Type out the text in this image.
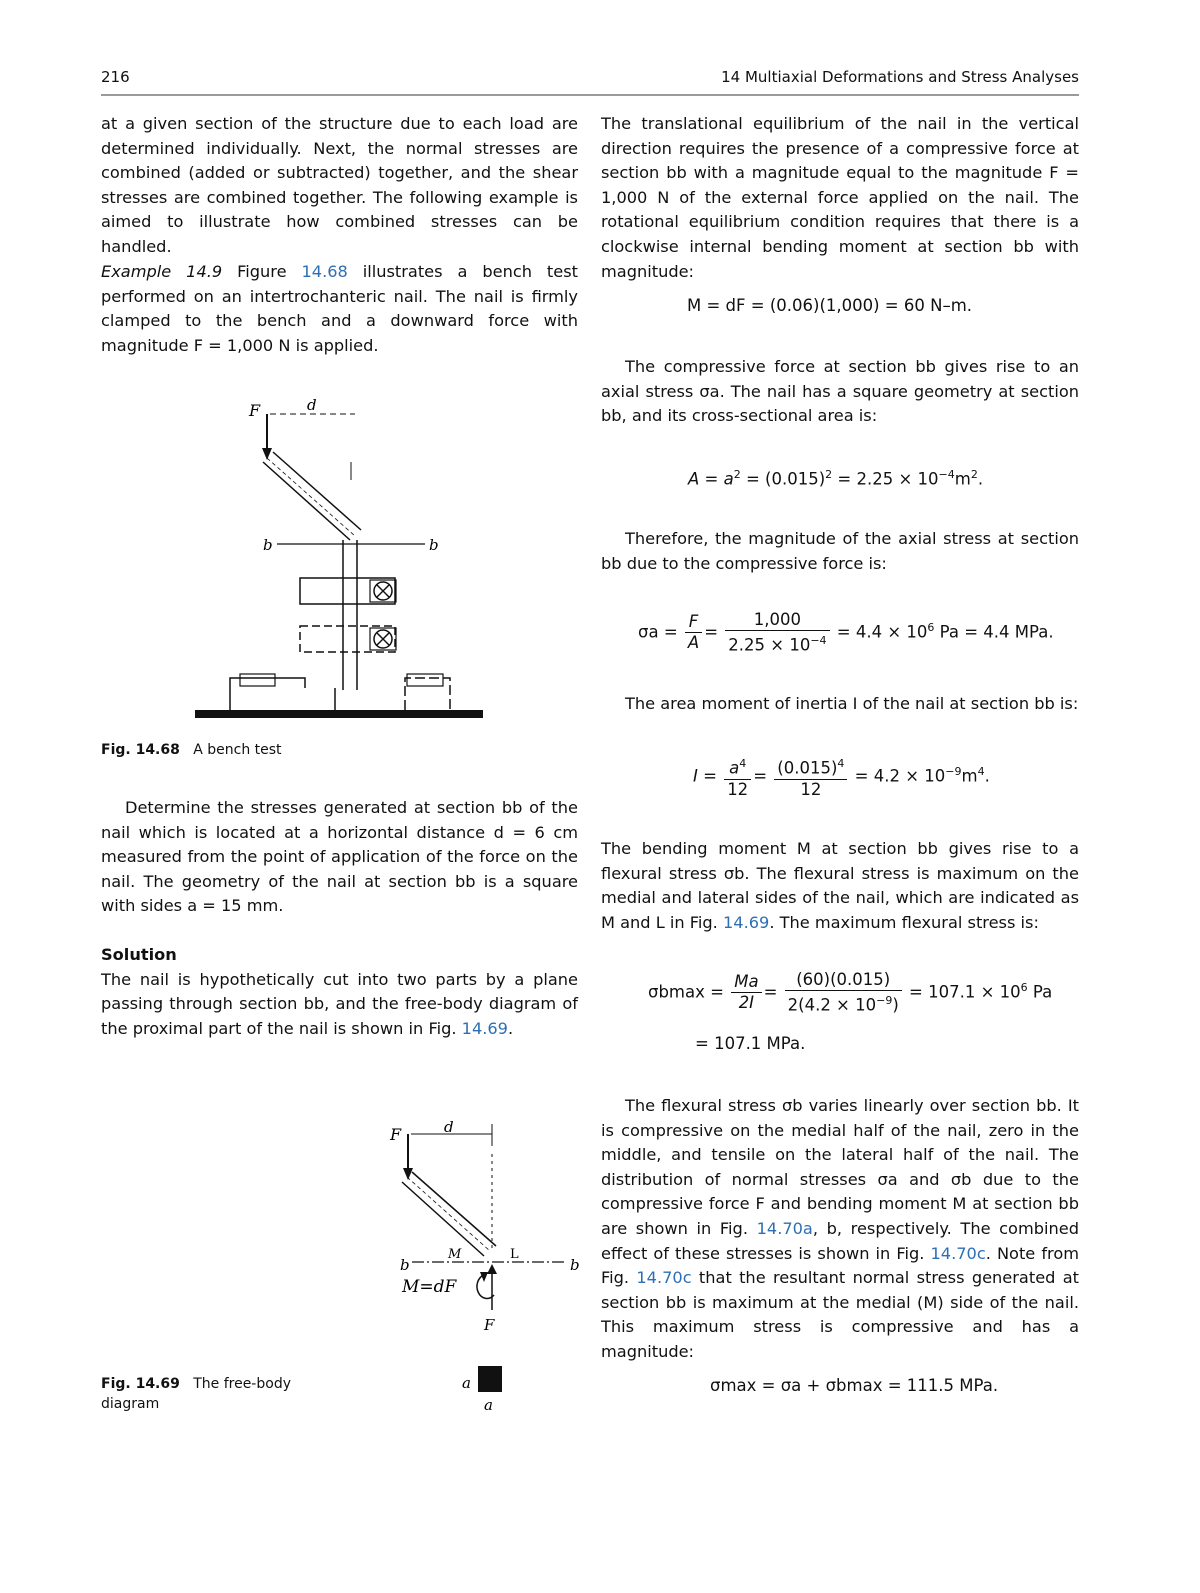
216	14 Multiaxial Deformations and Stress Analyses

at a given section of the structure due to each load are determined individually. Next, the normal stresses are combined (added or subtracted) together, and the shear stresses are combined together. The following example is aimed to illustrate how combined stresses can be handled.

Example 14.9 Figure 14.68 illustrates a bench test performed on an intertrochanteric nail. The nail is firmly clamped to the bench and a downward force with magnitude F = 1,000 N is applied.

F	d
b	b
Fig. 14.68 A bench test

Determine the stresses generated at section bb of the nail which is located at a horizontal distance d = 6 cm measured from the point of application of the force on the nail. The geometry of the nail at section bb is a square with sides a = 15 mm.

Solution

The nail is hypothetically cut into two parts by a plane passing through section bb, and the free-body diagram of the proximal part of the nail is shown in Fig. 14.69.

F	d
b	b
M	L
M=dF
F
a
a
Fig. 14.69 The free-body diagram

The translational equilibrium of the nail in the vertical direction requires the presence of a compressive force at section bb with a magnitude equal to the magnitude F = 1,000 N of the external force applied on the nail. The rotational equilibrium condition requires that there is a clockwise internal bending moment at section bb with magnitude:

M = dF = (0.06)(1,000) = 60 N–m.

The compressive force at section bb gives rise to an axial stress σa. The nail has a square geometry at section bb, and its cross-sectional area is:

$A = a^2 = (0.015)^2 = 2.25 \times 10^{-4}m^2$.

Therefore, the magnitude of the axial stress at section bb due to the compressive force is:

$\sigma a = \frac{F}{A} = \frac{1,000}{2.25 \times 10^{-4}} = 4.4 \times 10^6$ Pa = 4.4 MPa.

The area moment of inertia I of the nail at section bb is:

$I = \frac{a^4}{12} = \frac{(0.015)^4}{12} = 4.2 \times 10^{-9}m^4$.

The bending moment M at section bb gives rise to a flexural stress σb. The flexural stress is maximum on the medial and lateral sides of the nail, which are indicated as M and L in Fig. 14.69. The maximum flexural stress is:

$\sigma bmax = \frac{Ma}{2I} = \frac{(60)(0.015)}{2(4.2 \times 10^{-9})} = 107.1 \times 10^6$ Pa
= 107.1 MPa.

The flexural stress σb varies linearly over section bb. It is compressive on the medial half of the nail, zero in the middle, and tensile on the lateral half of the nail. The distribution of normal stresses σa and σb due to the compressive force F and bending moment M at section bb are shown in Fig. 14.70a, b, respectively. The combined effect of these stresses is shown in Fig. 14.70c. Note from Fig. 14.70c that the resultant normal stress generated at section bb is maximum at the medial (M) side of the nail. This maximum stress is compressive and has a magnitude:

σmax = σa + σbmax = 111.5 MPa.
